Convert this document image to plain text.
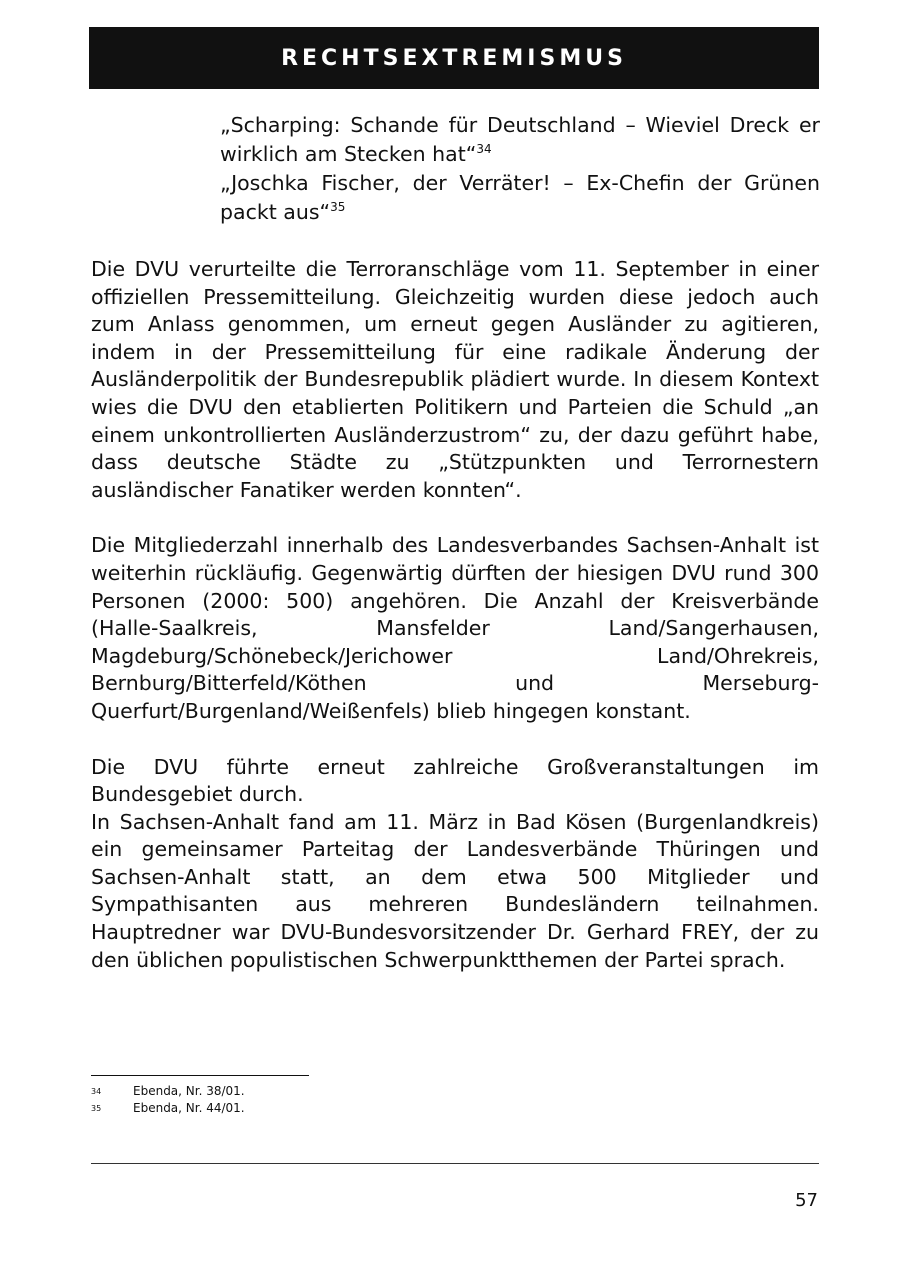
RECHTSEXTREMISMUS
„Scharping: Schande für Deutschland – Wieviel Dreck er wirklich am Stecken hat“$^{34}$
„Joschka Fischer, der Verräter! – Ex-Chefin der Grünen packt aus“$^{35}$

Die DVU verurteilte die Terroranschläge vom 11. September in einer offiziellen Pressemitteilung. Gleichzeitig wurden diese jedoch auch zum Anlass genommen, um erneut gegen Ausländer zu agitieren, indem in der Pressemitteilung für eine radikale Änderung der Ausländerpolitik der Bundesrepublik plädiert wurde. In diesem Kontext wies die DVU den etablierten Politikern und Parteien die Schuld „an einem unkontrollierten Ausländerzustrom“ zu, der dazu geführt habe, dass deutsche Städte zu „Stützpunkten und Terrornestern ausländischer Fanatiker werden konnten“.

Die Mitgliederzahl innerhalb des Landesverbandes Sachsen-Anhalt ist weiterhin rückläufig. Gegenwärtig dürften der hiesigen DVU rund 300 Personen (2000: 500) angehören. Die Anzahl der Kreisverbände (Halle-Saalkreis, Mansfelder Land/Sangerhausen, Magdeburg/Schönebeck/Jerichower Land/Ohrekreis, Bernburg/Bitterfeld/Köthen und Merseburg-Querfurt/Burgenland/Weißenfels) blieb hingegen konstant.

Die DVU führte erneut zahlreiche Großveranstaltungen im Bundesgebiet durch.

In Sachsen-Anhalt fand am 11. März in Bad Kösen (Burgenlandkreis) ein gemeinsamer Parteitag der Landesverbände Thüringen und Sachsen-Anhalt statt, an dem etwa 500 Mitglieder und Sympathisanten aus mehreren Bundesländern teilnahmen. Hauptredner war DVU-Bundesvorsitzender Dr. Gerhard FREY, der zu den üblichen populistischen Schwerpunktthemen der Partei sprach.

34	Ebenda, Nr. 38/01.
35	Ebenda, Nr. 44/01.
57
